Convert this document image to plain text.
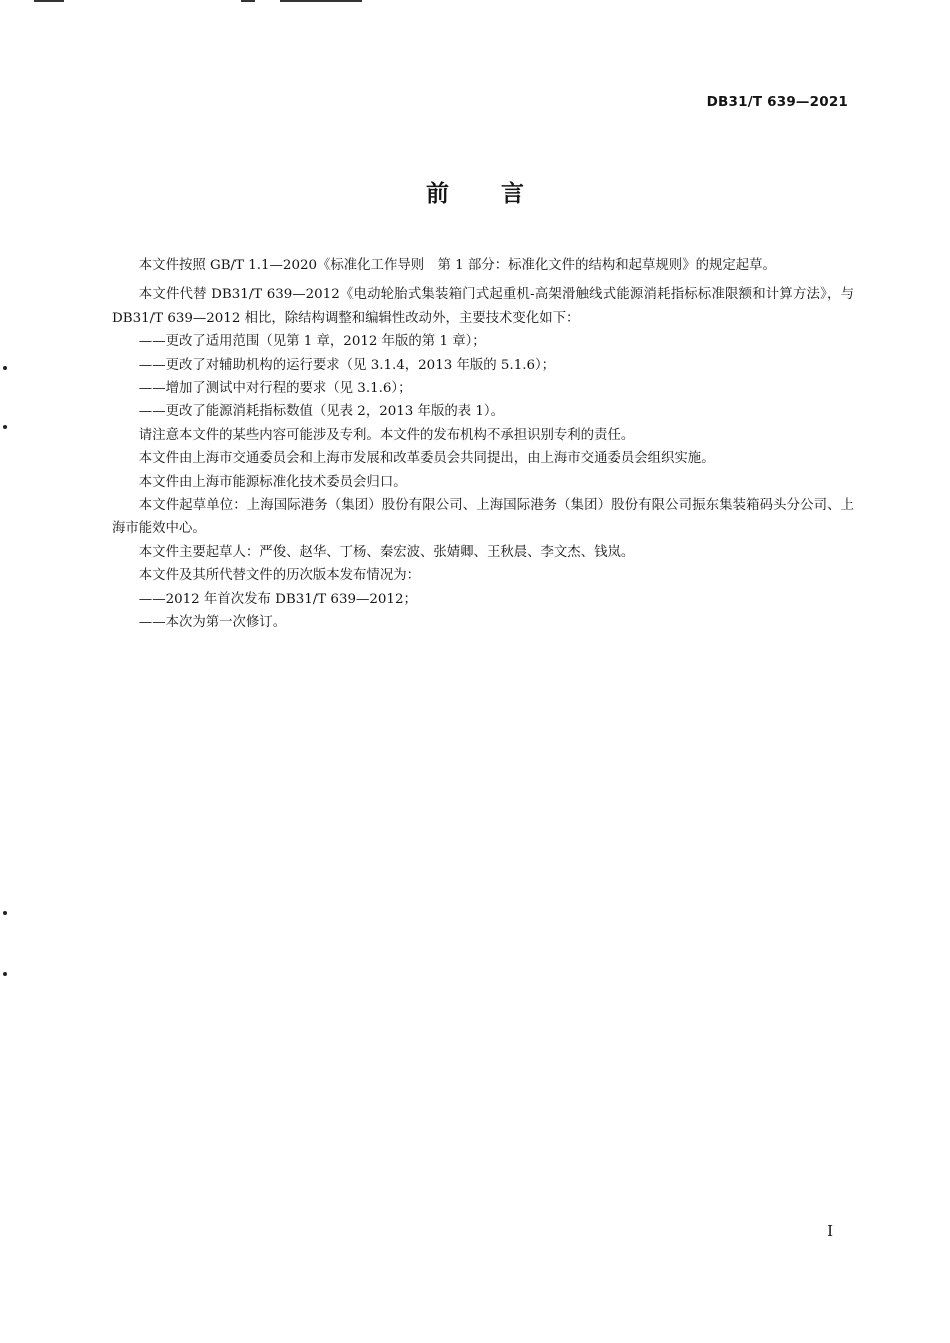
DB31/T 639—2021
前言

本文件按照 GB/T 1.1—2020《标准化工作导则　第 1 部分：标准化文件的结构和起草规则》的规定起草。

本文件代替 DB31/T 639—2012《电动轮胎式集装箱门式起重机-高架滑触线式能源消耗指标标准限额和计算方法》，与 DB31/T 639—2012 相比，除结构调整和编辑性改动外，主要技术变化如下：

——更改了适用范围（见第 1 章，2012 年版的第 1 章）；

——更改了对辅助机构的运行要求（见 3.1.4，2013 年版的 5.1.6）；

——增加了测试中对行程的要求（见 3.1.6）；

——更改了能源消耗指标数值（见表 2，2013 年版的表 1）。

请注意本文件的某些内容可能涉及专利。本文件的发布机构不承担识别专利的责任。

本文件由上海市交通委员会和上海市发展和改革委员会共同提出，由上海市交通委员会组织实施。

本文件由上海市能源标准化技术委员会归口。

本文件起草单位：上海国际港务（集团）股份有限公司、上海国际港务（集团）股份有限公司振东集装箱码头分公司、上海市能效中心。

本文件主要起草人：严俊、赵华、丁杨、秦宏波、张婧卿、王秋晨、李文杰、钱岚。

本文件及其所代替文件的历次版本发布情况为：

——2012 年首次发布 DB31/T 639—2012；

——本次为第一次修订。

I
